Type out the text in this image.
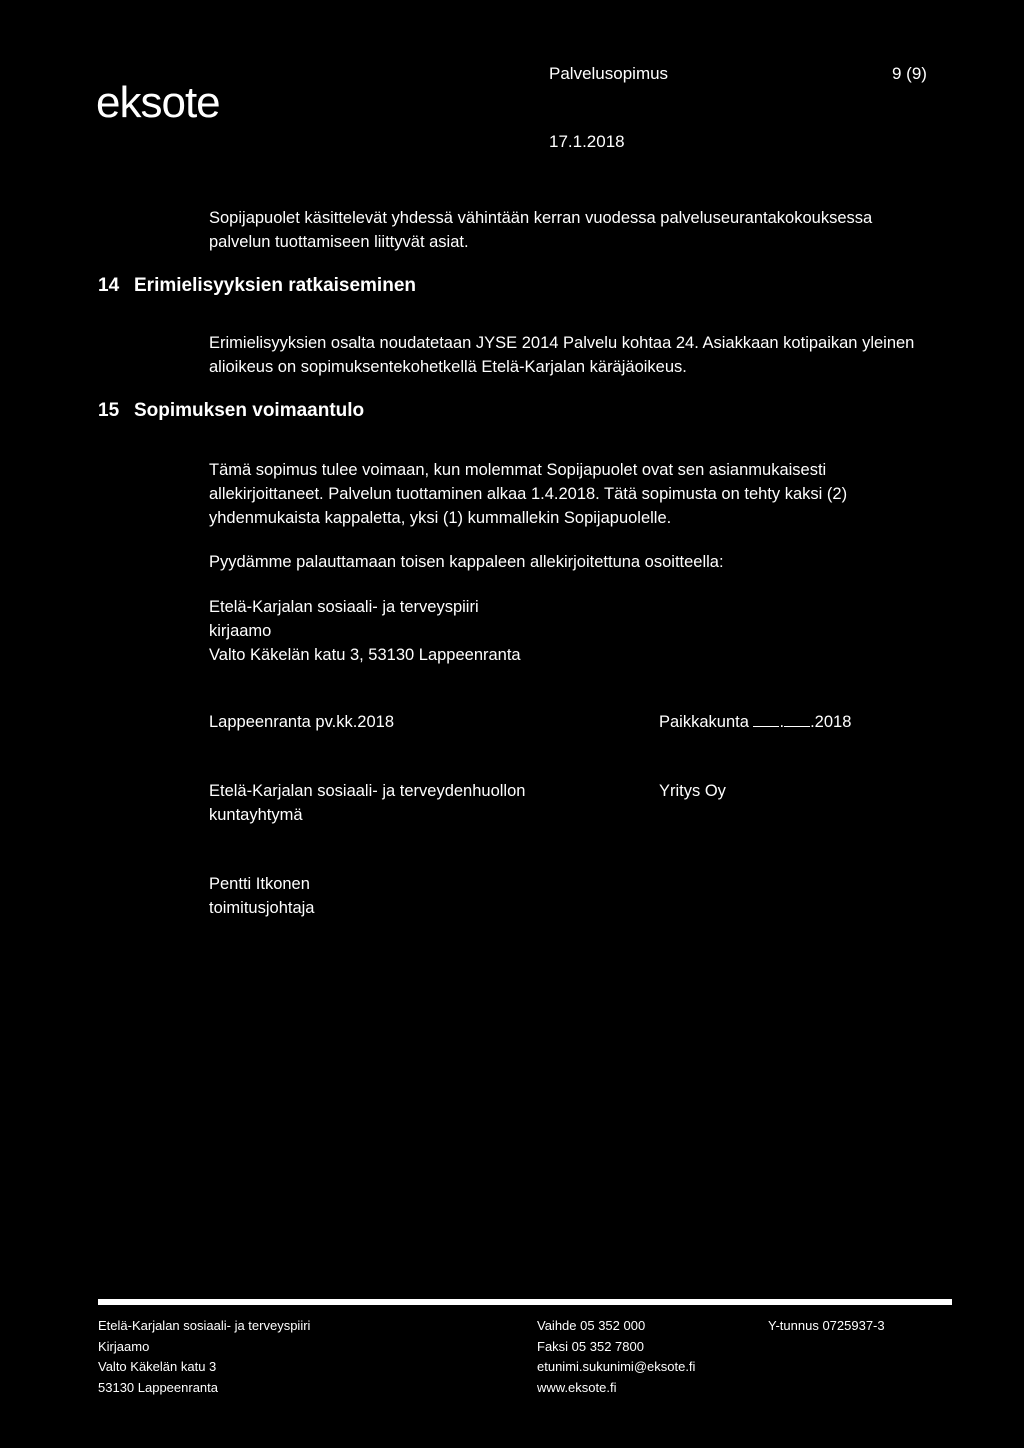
eksote
Palvelusopimus	9 (9)
17.1.2018
Sopijapuolet käsittelevät yhdessä vähintään kerran vuodessa palveluseurantakokouksessa
palvelun tuottamiseen liittyvät asiat.
14 Erimielisyyksien ratkaiseminen
Erimielisyyksien osalta noudatetaan JYSE 2014 Palvelu kohtaa 24. Asiakkaan kotipaikan yleinen
alioikeus on sopimuksentekohetkellä Etelä-Karjalan käräjäoikeus.
15 Sopimuksen voimaantulo
Tämä sopimus tulee voimaan, kun molemmat Sopijapuolet ovat sen asianmukaisesti
allekirjoittaneet. Palvelun tuottaminen alkaa 1.4.2018. Tätä sopimusta on tehty kaksi (2)
yhdenmukaista kappaletta, yksi (1) kummallekin Sopijapuolelle.
Pyydämme palauttamaan toisen kappaleen allekirjoitettuna osoitteella:
Etelä-Karjalan sosiaali- ja terveyspiiri
kirjaamo
Valto Käkelän katu 3, 53130 Lappeenranta
Lappeenranta pv.kk.2018	Paikkakunta . .2018
Etelä-Karjalan sosiaali- ja terveydenhuollon
kuntayhtymä
Yritys Oy
Pentti Itkonen
toimitusjohtaja
Etelä-Karjalan sosiaali- ja terveyspiiri
Kirjaamo
Valto Käkelän katu 3
53130 Lappeenranta
Vaihde 05 352 000
Faksi 05 352 7800
etunimi.sukunimi@eksote.fi
www.eksote.fi
Y-tunnus 0725937-3
